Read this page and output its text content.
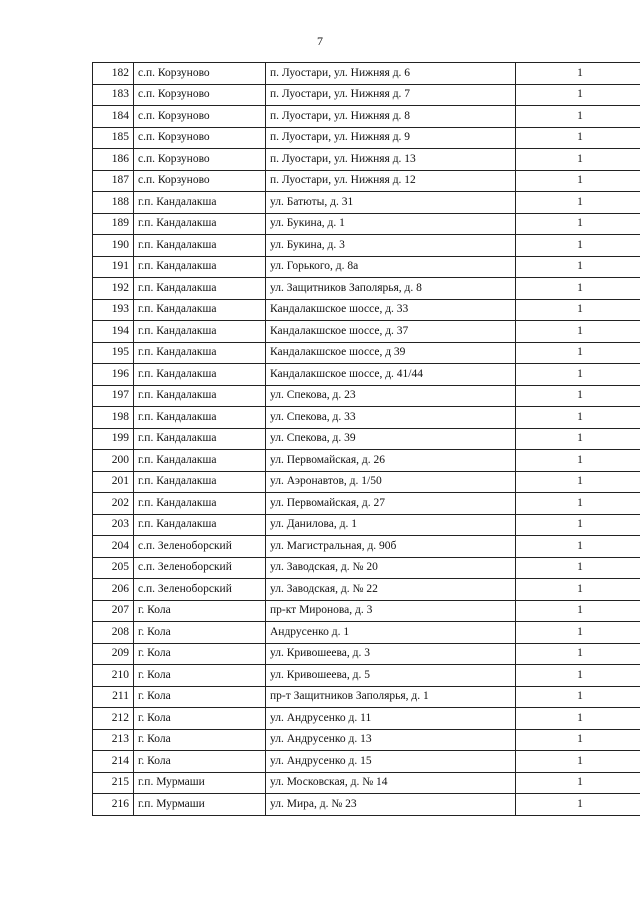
7
182	с.п. Корзуново	п. Луостари, ул. Нижняя д. 6	1
183	с.п. Корзуново	п. Луостари, ул. Нижняя д. 7	1
184	с.п. Корзуново	п. Луостари, ул. Нижняя д. 8	1
185	с.п. Корзуново	п. Луостари, ул. Нижняя д. 9	1
186	с.п. Корзуново	п. Луостари, ул. Нижняя д. 13	1
187	с.п. Корзуново	п. Луостари, ул. Нижняя д. 12	1
188	г.п. Кандалакша	ул. Батюты, д. 31	1
189	г.п. Кандалакша	ул. Букина, д. 1	1
190	г.п. Кандалакша	ул. Букина, д. 3	1
191	г.п. Кандалакша	ул. Горького, д. 8а	1
192	г.п. Кандалакша	ул. Защитников Заполярья, д. 8	1
193	г.п. Кандалакша	Кандалакшское шоссе, д. 33	1
194	г.п. Кандалакша	Кандалакшское шоссе, д. 37	1
195	г.п. Кандалакша	Кандалакшское шоссе, д 39	1
196	г.п. Кандалакша	Кандалакшское шоссе, д. 41/44	1
197	г.п. Кандалакша	ул. Спекова, д. 23	1
198	г.п. Кандалакша	ул. Спекова, д. 33	1
199	г.п. Кандалакша	ул. Спекова, д. 39	1
200	г.п. Кандалакша	ул. Первомайская, д. 26	1
201	г.п. Кандалакша	ул. Аэронавтов, д. 1/50	1
202	г.п. Кандалакша	ул. Первомайская, д. 27	1
203	г.п. Кандалакша	ул. Данилова, д. 1	1
204	с.п. Зеленоборский	ул. Магистральная, д. 90б	1
205	с.п. Зеленоборский	ул. Заводская, д. № 20	1
206	с.п. Зеленоборский	ул. Заводская, д. № 22	1
207	г. Кола	пр-кт Миронова, д. 3	1
208	г. Кола	Андрусенко д. 1	1
209	г. Кола	ул. Кривошеева, д. 3	1
210	г. Кола	ул. Кривошеева, д. 5	1
211	г. Кола	пр-т Защитников Заполярья, д. 1	1
212	г. Кола	ул. Андрусенко д. 11	1
213	г. Кола	ул. Андрусенко д. 13	1
214	г. Кола	ул. Андрусенко д. 15	1
215	г.п. Мурмаши	ул. Московская, д. № 14	1
216	г.п. Мурмаши	ул. Мира, д. № 23	1
